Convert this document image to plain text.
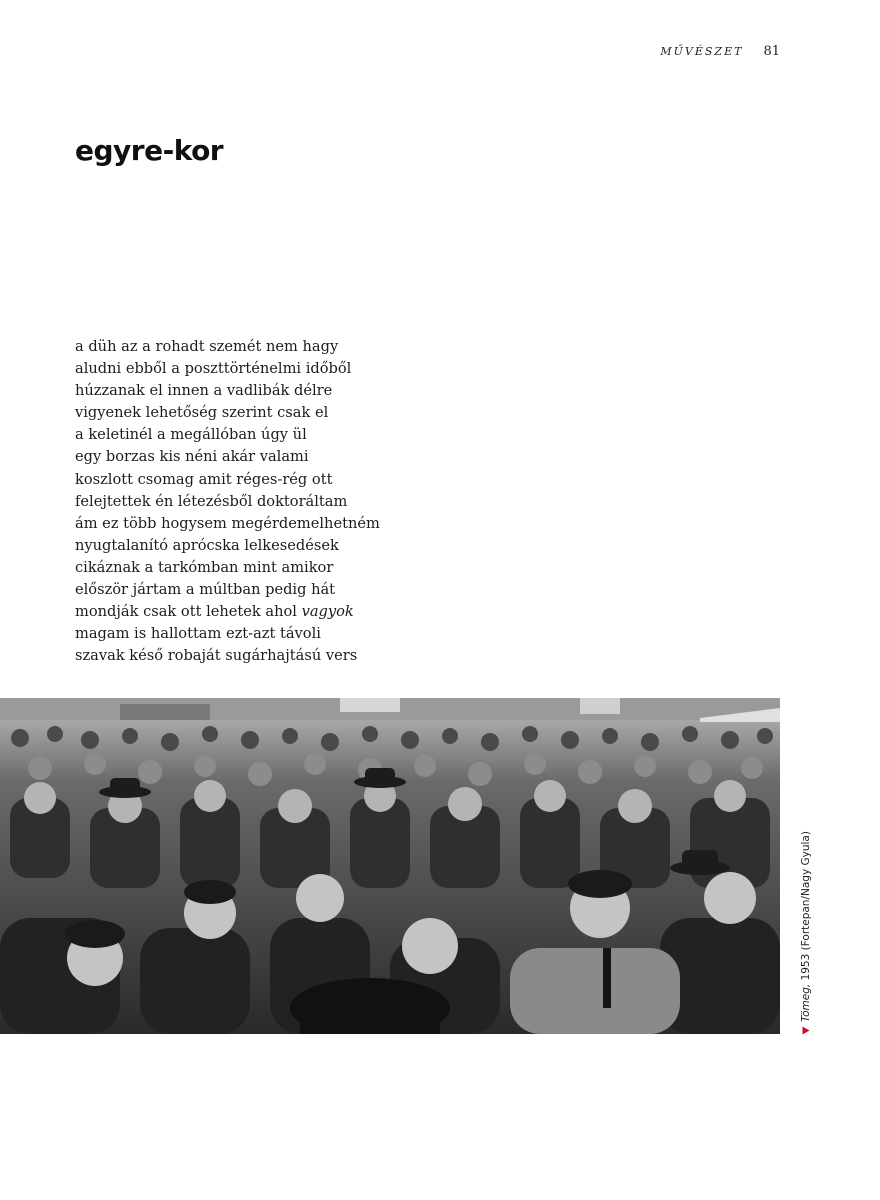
MŰVÉSZET 81
egyre-kor
a düh az a rohadt szemét nem hagy
aludni ebből a poszttörténelmi időből
húzzanak el innen a vadlibák délre
vigyenek lehetőség szerint csak el
a keletinél a megállóban úgy ül
egy borzas kis néni akár valami
koszlott csomag amit réges-rég ott
felejtettek én létezésből doktoráltam
ám ez több hogysem megérdemelhetném
nyugtalanító aprócska lelkesedések
cikáznak a tarkómban mint amikor
először jártam a múltban pedig hát
mondják csak ott lehetek ahol vagyok
magam is hallottam ezt-azt távoli
szavak késő robaját sugárhajtású vers
Tömeg, 1953 (Fortepan/Nagy Gyula)
